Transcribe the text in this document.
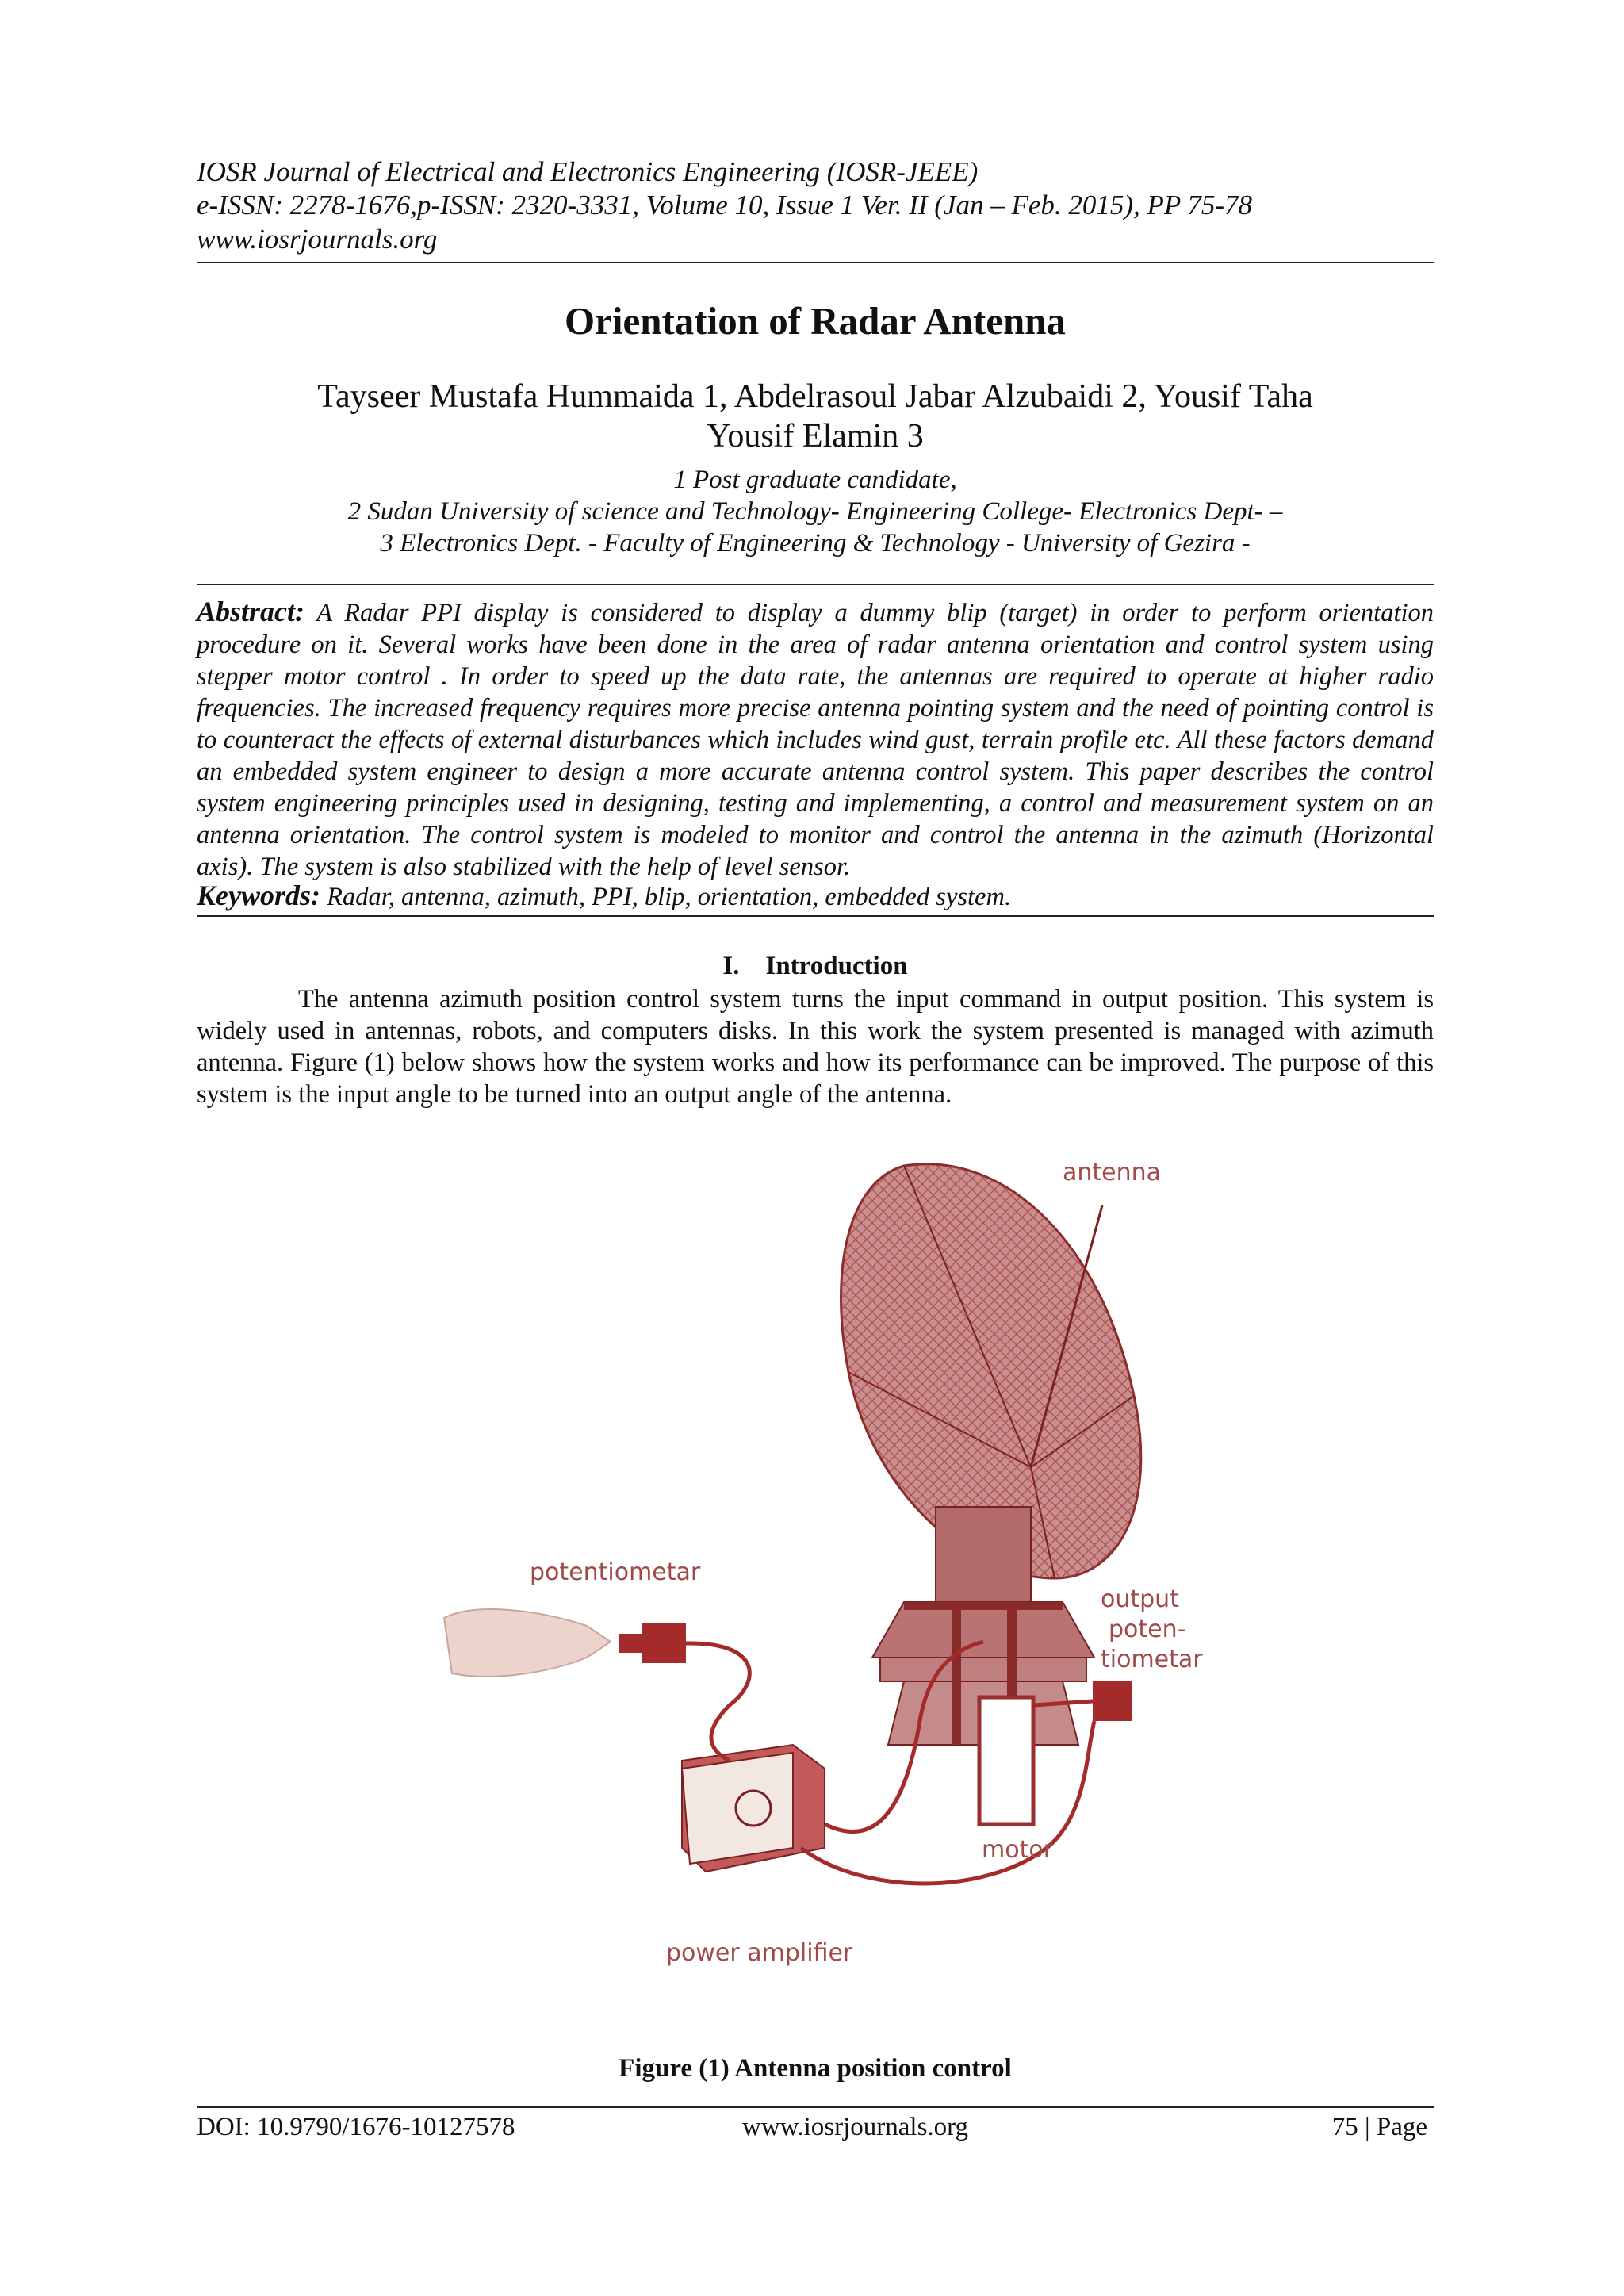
IOSR Journal of Electrical and Electronics Engineering (IOSR-JEEE)
e-ISSN: 2278-1676,p-ISSN: 2320-3331, Volume 10, Issue 1 Ver. II (Jan – Feb. 2015), PP 75-78
www.iosrjournals.org
Orientation of Radar Antenna
Tayseer Mustafa Hummaida 1, Abdelrasoul Jabar Alzubaidi 2, Yousif Taha
Yousif Elamin 3
1 Post graduate candidate,
2 Sudan University of science and Technology- Engineering College- Electronics Dept- –
3 Electronics Dept. - Faculty of Engineering & Technology - University of Gezira -
Abstract: A Radar PPI display is considered to display a dummy blip (target) in order to perform orientation procedure on it. Several works have been done in the area of radar antenna orientation and control system using stepper motor control . In order to speed up the data rate, the antennas are required to operate at higher radio frequencies. The increased frequency requires more precise antenna pointing system and the need of pointing control is to counteract the effects of external disturbances which includes wind gust, terrain profile etc. All these factors demand an embedded system engineer to design a more accurate antenna control system. This paper describes the control system engineering principles used in designing, testing and implementing, a control and measurement system on an antenna orientation. The control system is modeled to monitor and control the antenna in the azimuth (Horizontal axis). The system is also stabilized with the help of level sensor.
Keywords: Radar, antenna, azimuth, PPI, blip, orientation, embedded system.
I. Introduction
The antenna azimuth position control system turns the input command in output position. This system is widely used in antennas, robots, and computers disks. In this work the system presented is managed with azimuth antenna. Figure (1) below shows how the system works and how its performance can be improved. The purpose of this system is the input angle to be turned into an output angle of the antenna.
antenna
potentiometar
output
poten-
tiometar
motor
power amplifier
Figure (1) Antenna position control
DOI: 10.9790/1676-10127578	www.iosrjournals.org	75 | Page
